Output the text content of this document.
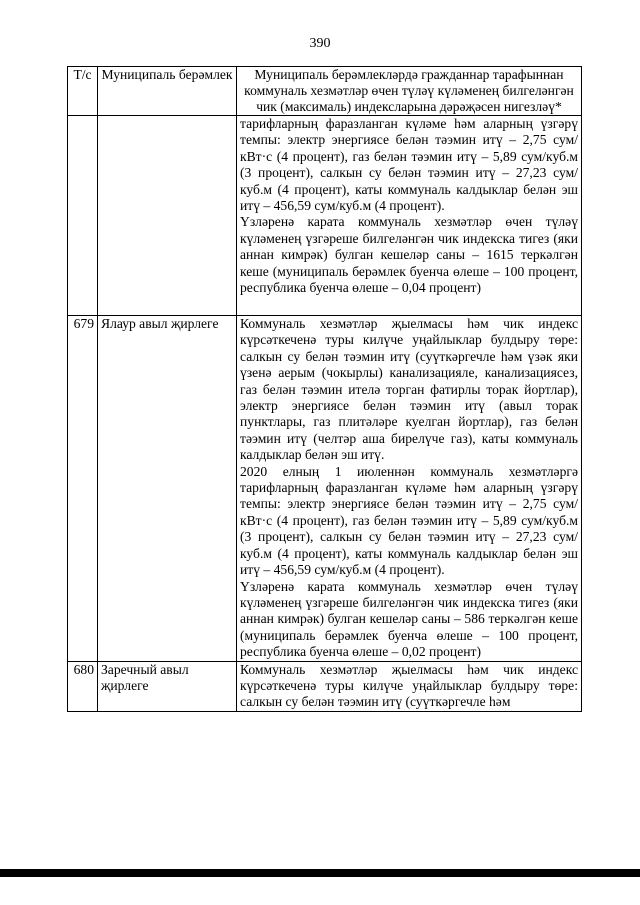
390
Т/с	Муниципаль берәмлек	Муниципаль берәмлекләрдә гражданнар тарафыннан коммуналь хезмәтләр өчен түләү күләменең билгеләнгән чик (максималь) индексларына дәрәҗәсен нигезләү*

		тарифларның фаразланган күләме һәм аларның үзгәрү темпы: электр энергиясе белән тәэмин итү – 2,75 сум/кВт·с (4 процент), газ белән тәэмин итү – 5,89 сум/куб.м (3 процент), салкын су белән тәэмин итү – 27,23 сум/куб.м (4 процент), каты коммуналь калдыклар белән эш итү – 456,59 сум/куб.м (4 процент).
Үзләренә карата коммуналь хезмәтләр өчен түләү күләменең үзгәреше билгеләнгән чик индекска тигез (яки аннан кимрәк) булган кешеләр саны – 1615 теркәлгән кеше (муниципаль берәмлек буенча өлеше – 100 процент, республика буенча өлеше – 0,04 процент)

679	Ялаур авыл җирлеге	Коммуналь хезмәтләр җыелмасы һәм чик индекс күрсәткеченә туры килүче уңайлыклар булдыру төре: салкын су белән тәэмин итү (суүткәргечле һәм үзәк яки үзенә аерым (чокырлы) канализацияле, канализациясез, газ белән тәэмин ителә торган фатирлы торак йортлар), электр энергиясе белән тәэмин итү (авыл торак пунктлары, газ плитәләре куелган йортлар), газ белән тәэмин итү (челтәр аша бирелүче газ), каты коммуналь калдыклар белән эш итү.
2020 елның 1 июленнән коммуналь хезмәтләргә тарифларның фаразланган күләме һәм аларның үзгәрү темпы: электр энергиясе белән тәэмин итү – 2,75 сум/кВт·с (4 процент), газ белән тәэмин итү – 5,89 сум/куб.м (3 процент), салкын су белән тәэмин итү – 27,23 сум/куб.м (4 процент), каты коммуналь калдыклар белән эш итү – 456,59 сум/куб.м (4 процент).
Үзләренә карата коммуналь хезмәтләр өчен түләү күләменең үзгәреше билгеләнгән чик индекска тигез (яки аннан кимрәк) булган кешеләр саны – 586 теркәлгән кеше (муниципаль берәмлек буенча өлеше – 100 процент, республика буенча өлеше – 0,02 процент)

680	Заречный авыл җирлеге	Коммуналь хезмәтләр җыелмасы һәм чик индекс күрсәткеченә туры килүче уңайлыклар булдыру төре: салкын су белән тәэмин итү (суүткәргечле һәм
